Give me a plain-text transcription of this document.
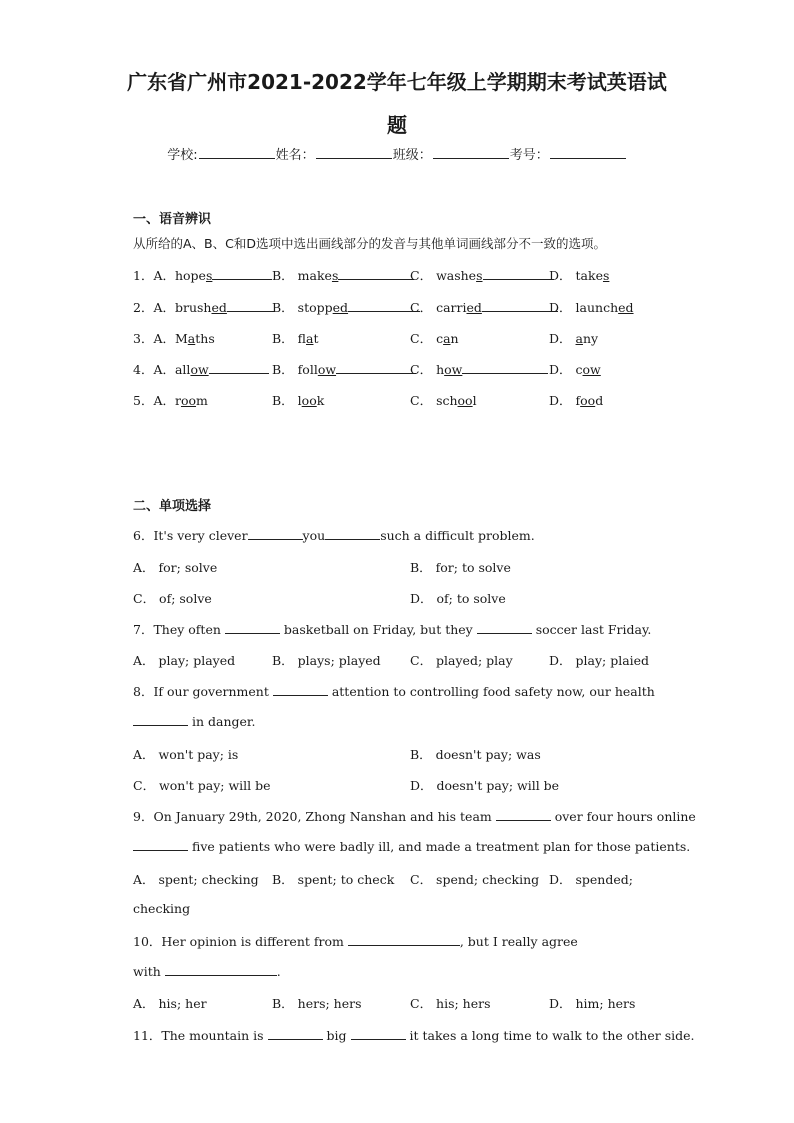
广东省广州市2021-2022学年七年级上学期期末考试英语试
题
学校:	姓名：	班级：	考号：
一、语音辨识
从所给的A、B、C和D选项中选出画线部分的发音与其他单词画线部分不一致的选项。
1．A．hopes	B． makes	C． washes	D． takes
2．A．brushed	B． stopped	C． carried	D． launched
3．A．Maths	B． flat	C． can	D． any
4．A．allow	B． follow	C． how	D． cow
5．A．room	B． look	C． school	D． food
二、单项选择
6．It's very clever	you	such a difficult problem.
A． for; solve	B． for; to solve
C． of; solve	D． of; to solve
7．They often	basketball on Friday, but they	soccer last Friday.
A． play; played	B． plays; played C． played; play	D． play; plaied
8．If our government	attention to controlling food safety now, our health
in danger.
A． won't pay; is	B． doesn't pay; was
C． won't pay; will be	D． doesn't pay; will be
9．On January 29th, 2020, Zhong Nanshan and his team	over four hours online
five patients who were badly ill, and made a treatment plan for those patients.
A． spent; checking B． spent; to check C． spend; checking D． spended;
checking
10．Her opinion is different from	, but I really agree
with	.
A． his; her	B． hers; hers	C． his; hers	D． him; hers
11．The mountain is	big	it takes a long time to walk to the other side.
